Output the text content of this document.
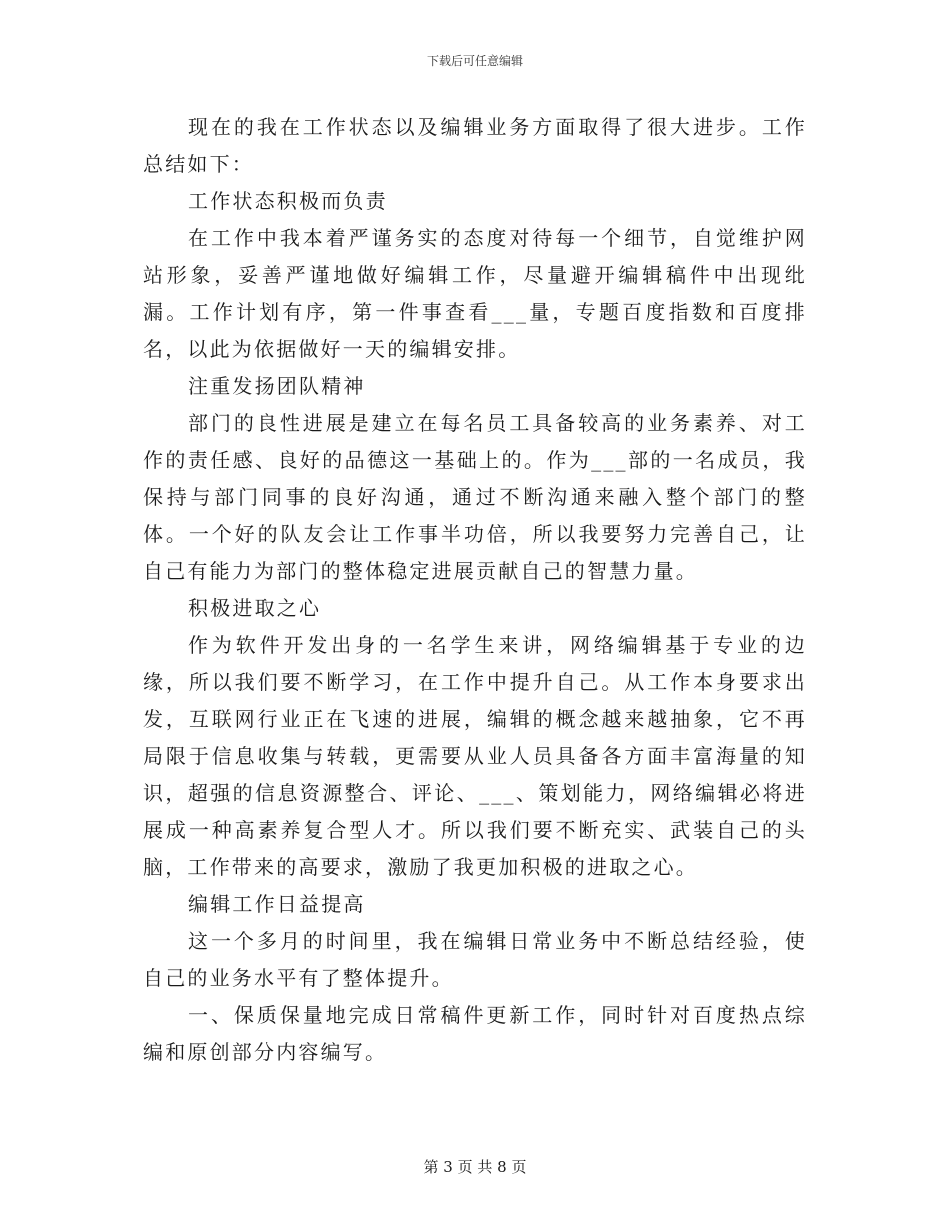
下载后可任意编辑

现在的我在工作状态以及编辑业务方面取得了很大进步。工作总结如下：

工作状态积极而负责

在工作中我本着严谨务实的态度对待每一个细节，自觉维护网站形象，妥善严谨地做好编辑工作，尽量避开编辑稿件中出现纰漏。工作计划有序，第一件事查看___量，专题百度指数和百度排名，以此为依据做好一天的编辑安排。

注重发扬团队精神

部门的良性进展是建立在每名员工具备较高的业务素养、对工作的责任感、良好的品德这一基础上的。作为___部的一名成员，我保持与部门同事的良好沟通，通过不断沟通来融入整个部门的整体。一个好的队友会让工作事半功倍，所以我要努力完善自己，让自己有能力为部门的整体稳定进展贡献自己的智慧力量。

积极进取之心

作为软件开发出身的一名学生来讲，网络编辑基于专业的边缘，所以我们要不断学习，在工作中提升自己。从工作本身要求出发，互联网行业正在飞速的进展，编辑的概念越来越抽象，它不再局限于信息收集与转载，更需要从业人员具备各方面丰富海量的知识，超强的信息资源整合、评论、___、策划能力，网络编辑必将进展成一种高素养复合型人才。所以我们要不断充实、武装自己的头脑，工作带来的高要求，激励了我更加积极的进取之心。

编辑工作日益提高

这一个多月的时间里，我在编辑日常业务中不断总结经验，使自己的业务水平有了整体提升。

一、保质保量地完成日常稿件更新工作，同时针对百度热点综编和原创部分内容编写。

第 3 页 共 8 页
